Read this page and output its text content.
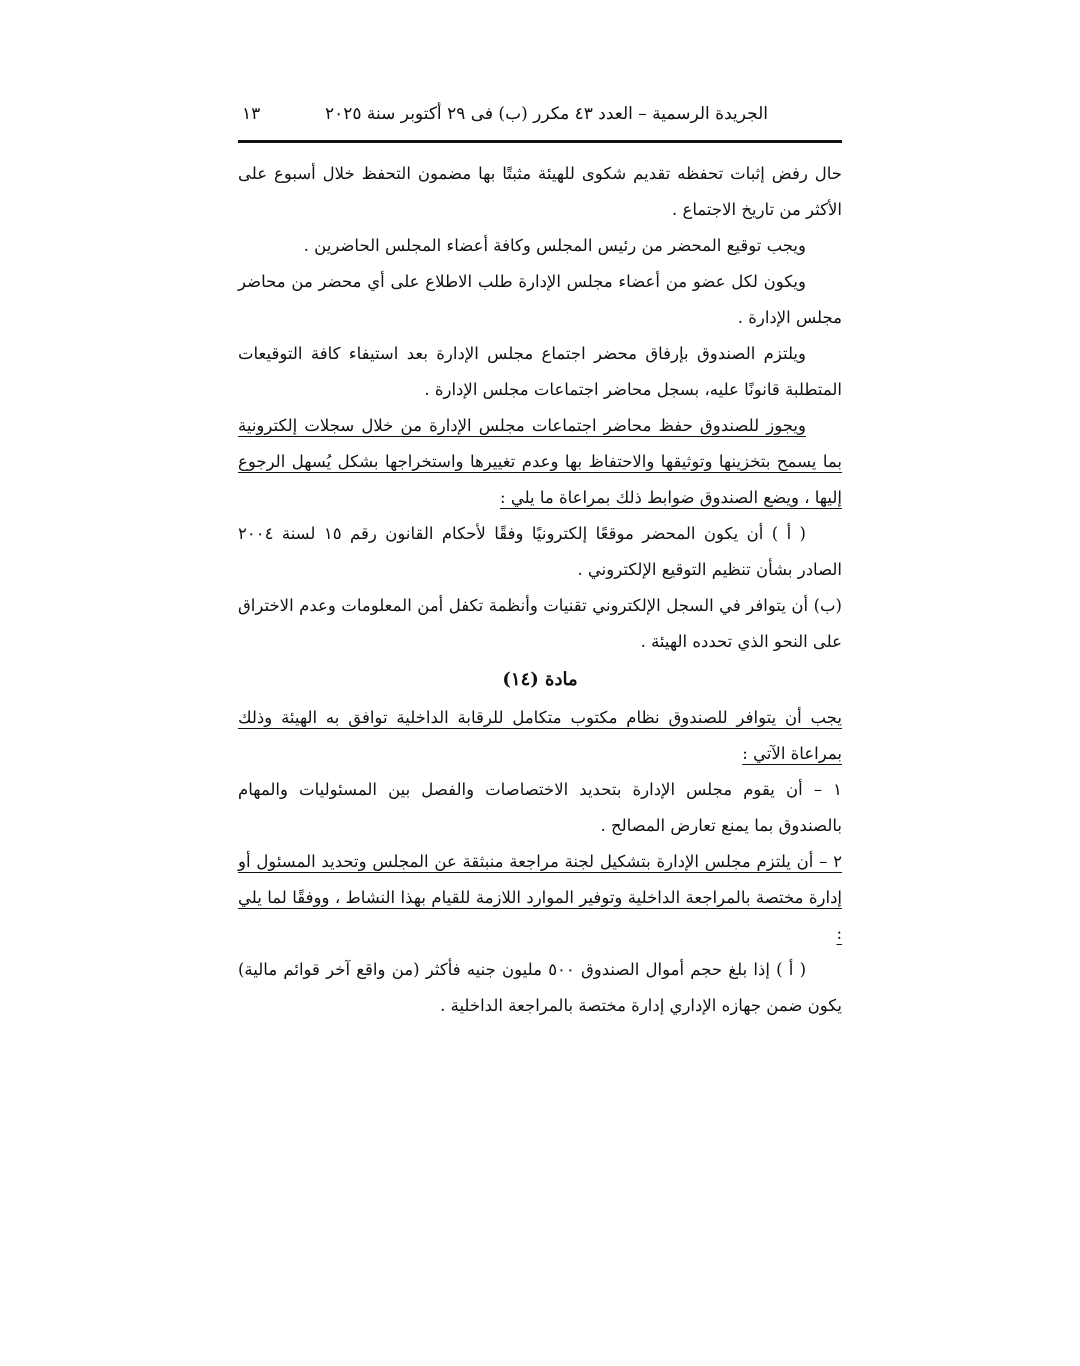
الجريدة الرسمية – العدد ٤٣ مكرر (ب) فى ٢٩ أكتوبر سنة ٢٠٢٥
١٣

حال رفض إثبات تحفظه تقديم شكوى للهيئة مثبتًا بها مضمون التحفظ خلال أسبوع على الأكثر من تاريخ الاجتماع .

ويجب توقيع المحضر من رئيس المجلس وكافة أعضاء المجلس الحاضرين .

ويكون لكل عضو من أعضاء مجلس الإدارة طلب الاطلاع على أي محضر من محاضر مجلس الإدارة .

ويلتزم الصندوق بإرفاق محضر اجتماع مجلس الإدارة بعد استيفاء كافة التوقيعات المتطلبة قانونًا عليه، بسجل محاضر اجتماعات مجلس الإدارة .

ويجوز للصندوق حفظ محاضر اجتماعات مجلس الإدارة من خلال سجلات إلكترونية بما يسمح بتخزينها وتوثيقها والاحتفاظ بها وعدم تغييرها واستخراجها بشكل يُسهل الرجوع إليها ، ويضع الصندوق ضوابط ذلك بمراعاة ما يلي :

( أ ) أن يكون المحضر موقعًا إلكترونيًا وفقًا لأحكام القانون رقم ١٥ لسنة ٢٠٠٤ الصادر بشأن تنظيم التوقيع الإلكتروني .

(ب) أن يتوافر في السجل الإلكتروني تقنيات وأنظمة تكفل أمن المعلومات وعدم الاختراق على النحو الذي تحدده الهيئة .

مادة (١٤)

يجب أن يتوافر للصندوق نظام مكتوب متكامل للرقابة الداخلية توافق به الهيئة وذلك بمراعاة الآتي :

١ – أن يقوم مجلس الإدارة بتحديد الاختصاصات والفصل بين المسئوليات والمهام بالصندوق بما يمنع تعارض المصالح .

٢ – أن يلتزم مجلس الإدارة بتشكيل لجنة مراجعة منبثقة عن المجلس وتحديد المسئول أو إدارة مختصة بالمراجعة الداخلية وتوفير الموارد اللازمة للقيام بهذا النشاط ، ووفقًا لما يلي :

( أ ) إذا بلغ حجم أموال الصندوق ٥٠٠ مليون جنيه فأكثر (من واقع آخر قوائم مالية) يكون ضمن جهازه الإداري إدارة مختصة بالمراجعة الداخلية .
